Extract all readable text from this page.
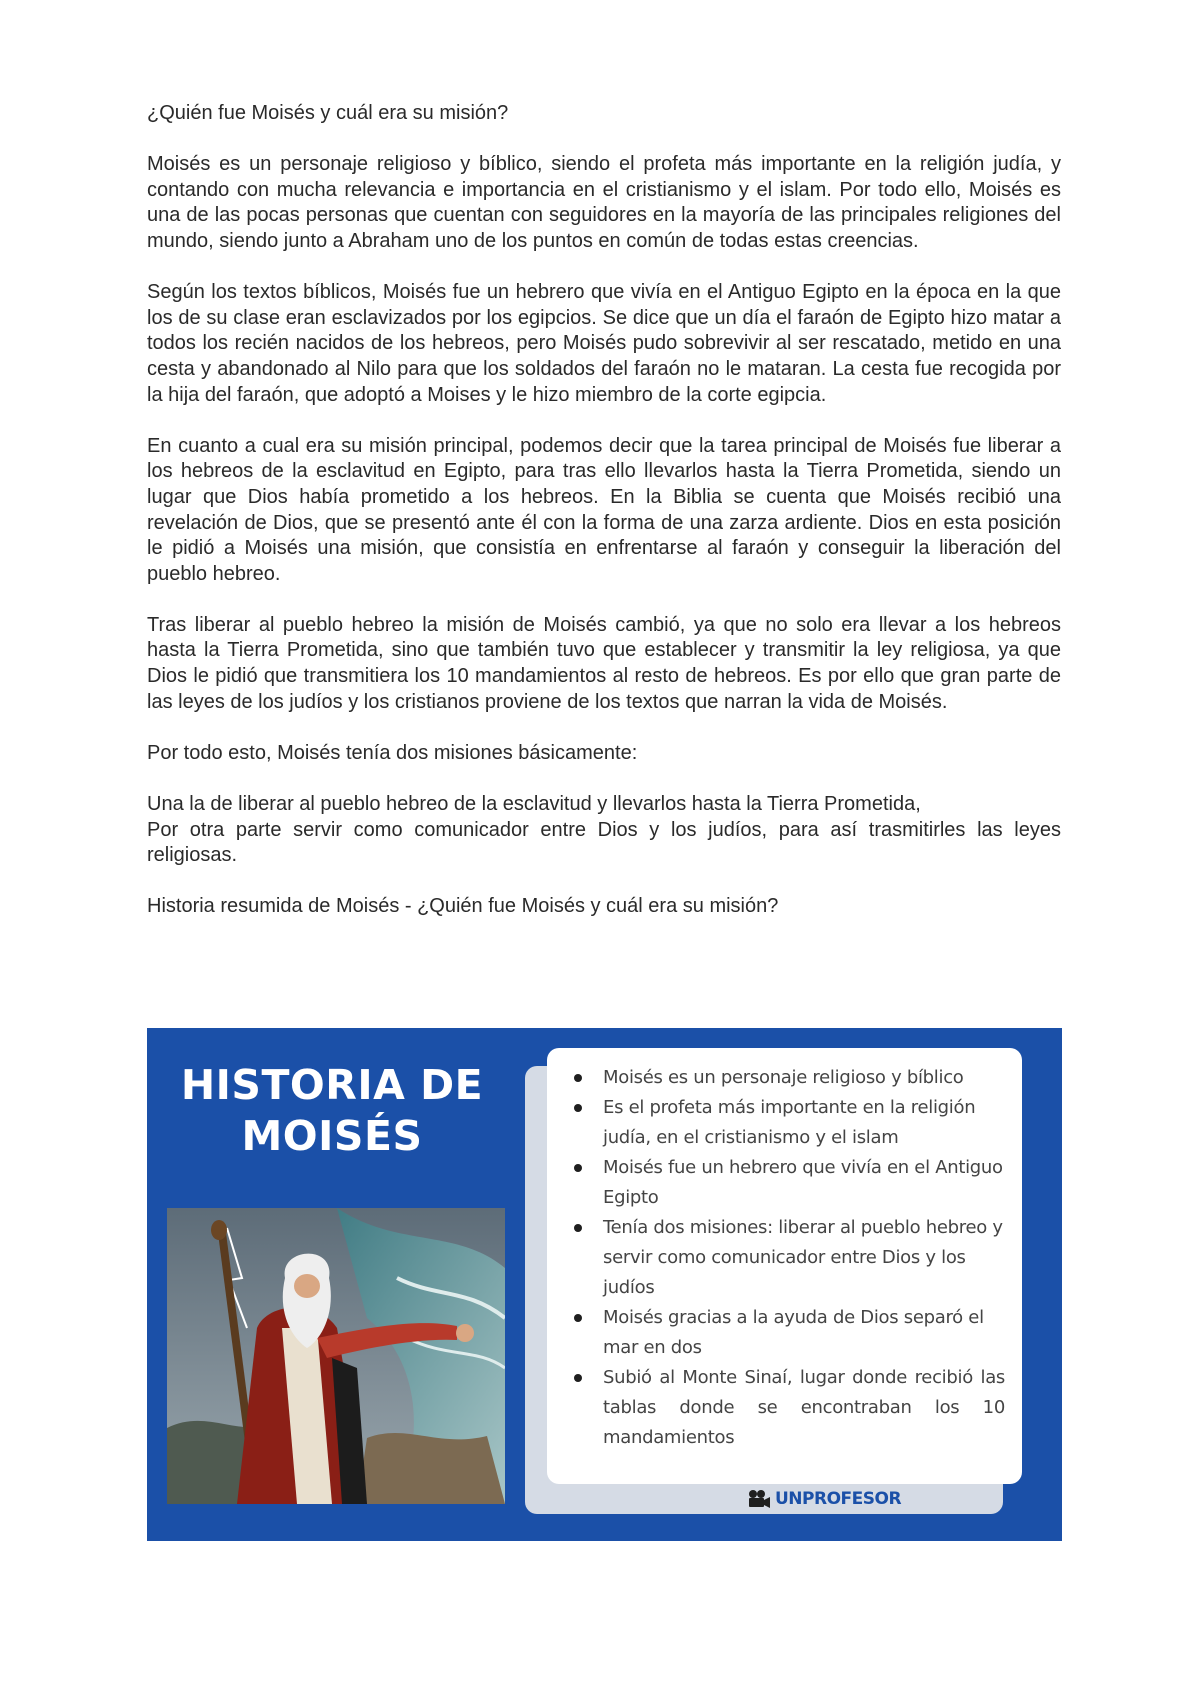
¿Quién fue Moisés y cuál era su misión?

Moisés es un personaje religioso y bíblico, siendo el profeta más importante en la religión judía, y contando con mucha relevancia e importancia en el cristianismo y el islam. Por todo ello, Moisés es una de las pocas personas que cuentan con seguidores en la mayoría de las principales religiones del mundo, siendo junto a Abraham uno de los puntos en común de todas estas creencias.

Según los textos bíblicos, Moisés fue un hebrero que vivía en el Antiguo Egipto en la época en la que los de su clase eran esclavizados por los egipcios. Se dice que un día el faraón de Egipto hizo matar a todos los recién nacidos de los hebreos, pero Moisés pudo sobrevivir al ser rescatado, metido en una cesta y abandonado al Nilo para que los soldados del faraón no le mataran. La cesta fue recogida por la hija del faraón, que adoptó a Moises y le hizo miembro de la corte egipcia.

En cuanto a cual era su misión principal, podemos decir que la tarea principal de Moisés fue liberar a los hebreos de la esclavitud en Egipto, para tras ello llevarlos hasta la Tierra Prometida, siendo un lugar que Dios había prometido a los hebreos. En la Biblia se cuenta que Moisés recibió una revelación de Dios, que se presentó ante él con la forma de una zarza ardiente. Dios en esta posición le pidió a Moisés una misión, que consistía en enfrentarse al faraón y conseguir la liberación del pueblo hebreo.

Tras liberar al pueblo hebreo la misión de Moisés cambió, ya que no solo era llevar a los hebreos hasta la Tierra Prometida, sino que también tuvo que establecer y transmitir la ley religiosa, ya que Dios le pidió que transmitiera los 10 mandamientos al resto de hebreos. Es por ello que gran parte de las leyes de los judíos y los cristianos proviene de los textos que narran la vida de Moisés.

Por todo esto, Moisés tenía dos misiones básicamente:

Una la de liberar al pueblo hebreo de la esclavitud y llevarlos hasta la Tierra Prometida,

Por otra parte servir como comunicador entre Dios y los judíos, para así trasmitirles las leyes religiosas.

Historia resumida de Moisés - ¿Quién fue Moisés y cuál era su misión?

HISTORIA DE
MOISÉS
Moisés es un personaje religioso y bíblico
Es el profeta más importante en la religión judía, en el cristianismo y el islam
Moisés fue un hebrero que vivía en el Antiguo Egipto
Tenía dos misiones: liberar al pueblo hebreo y servir como comunicador entre Dios y los judíos
Moisés gracias a la ayuda de Dios separó el mar en dos
Subió al Monte Sinaí, lugar donde recibió las tablas donde se encontraban los 10 mandamientos
UNPROFESOR
